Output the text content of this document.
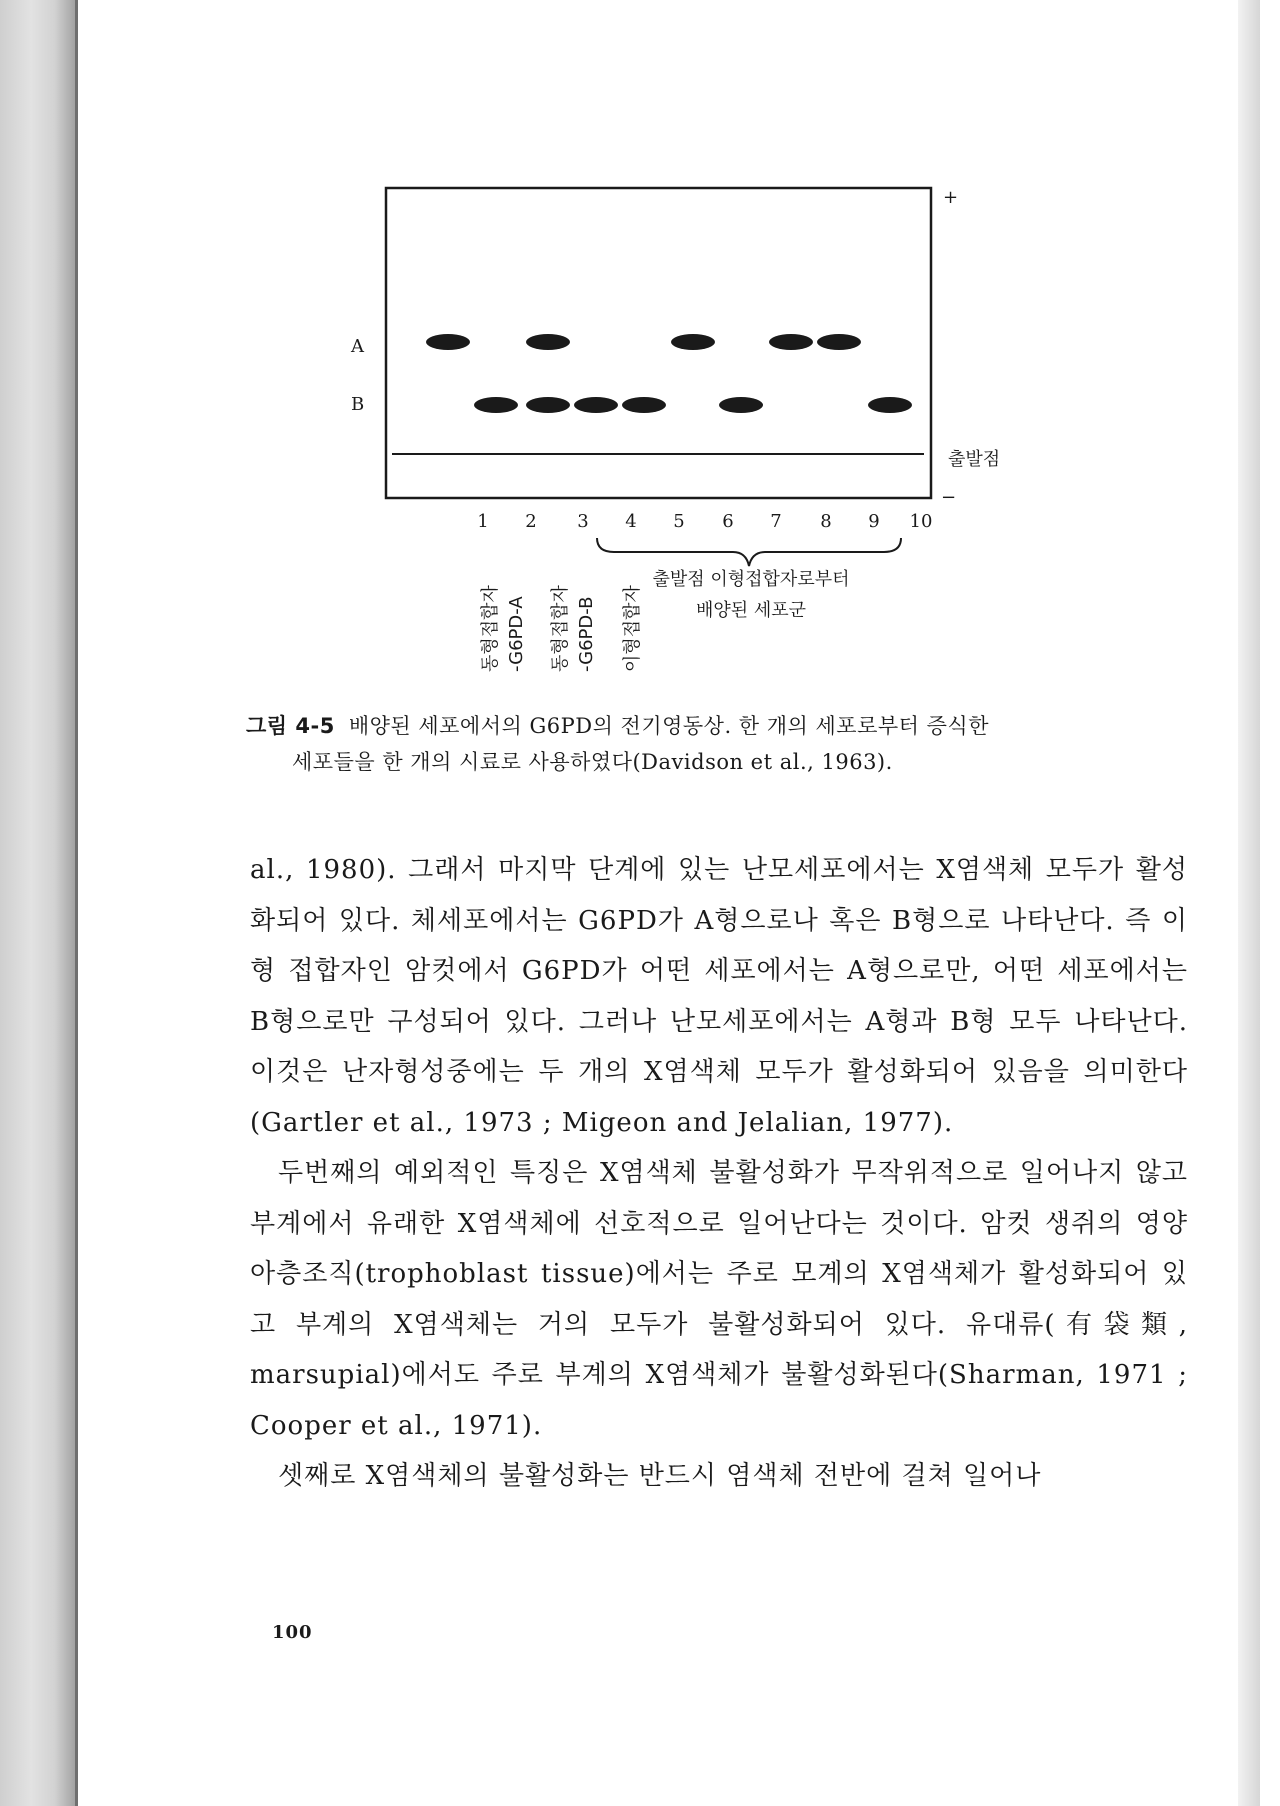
+
−
A
B
출발점
1 2 3 4 5 6 7 8 9 10
출발점 이형접합자로부터
배양된 세포군
동형접합자 -G6PD-A 동형접합자 -G6PD-B 이형접합자
그림 4-5 배양된 세포에서의 G6PD의 전기영동상. 한 개의 세포로부터 증식한
세포들을 한 개의 시료로 사용하였다(Davidson et al., 1963).

al., 1980). 그래서 마지막 단계에 있는 난모세포에서는 X염색체 모두가 활성화되어 있다. 체세포에서는 G6PD가 A형으로나 혹은 B형으로 나타난다. 즉 이형 접합자인 암컷에서 G6PD가 어떤 세포에서는 A형으로만, 어떤 세포에서는 B형으로만 구성되어 있다. 그러나 난모세포에서는 A형과 B형 모두 나타난다. 이것은 난자형성중에는 두 개의 X염색체 모두가 활성화되어 있음을 의미한다(Gartler et al., 1973 ; Migeon and Jelalian, 1977).

두번째의 예외적인 특징은 X염색체 불활성화가 무작위적으로 일어나지 않고 부계에서 유래한 X염색체에 선호적으로 일어난다는 것이다. 암컷 생쥐의 영양아층조직(trophoblast tissue)에서는 주로 모계의 X염색체가 활성화되어 있고 부계의 X염색체는 거의 모두가 불활성화되어 있다. 유대류(有袋類, marsupial)에서도 주로 부계의 X염색체가 불활성화된다(Sharman, 1971 ; Cooper et al., 1971).

셋째로 X염색체의 불활성화는 반드시 염색체 전반에 걸쳐 일어나

100
